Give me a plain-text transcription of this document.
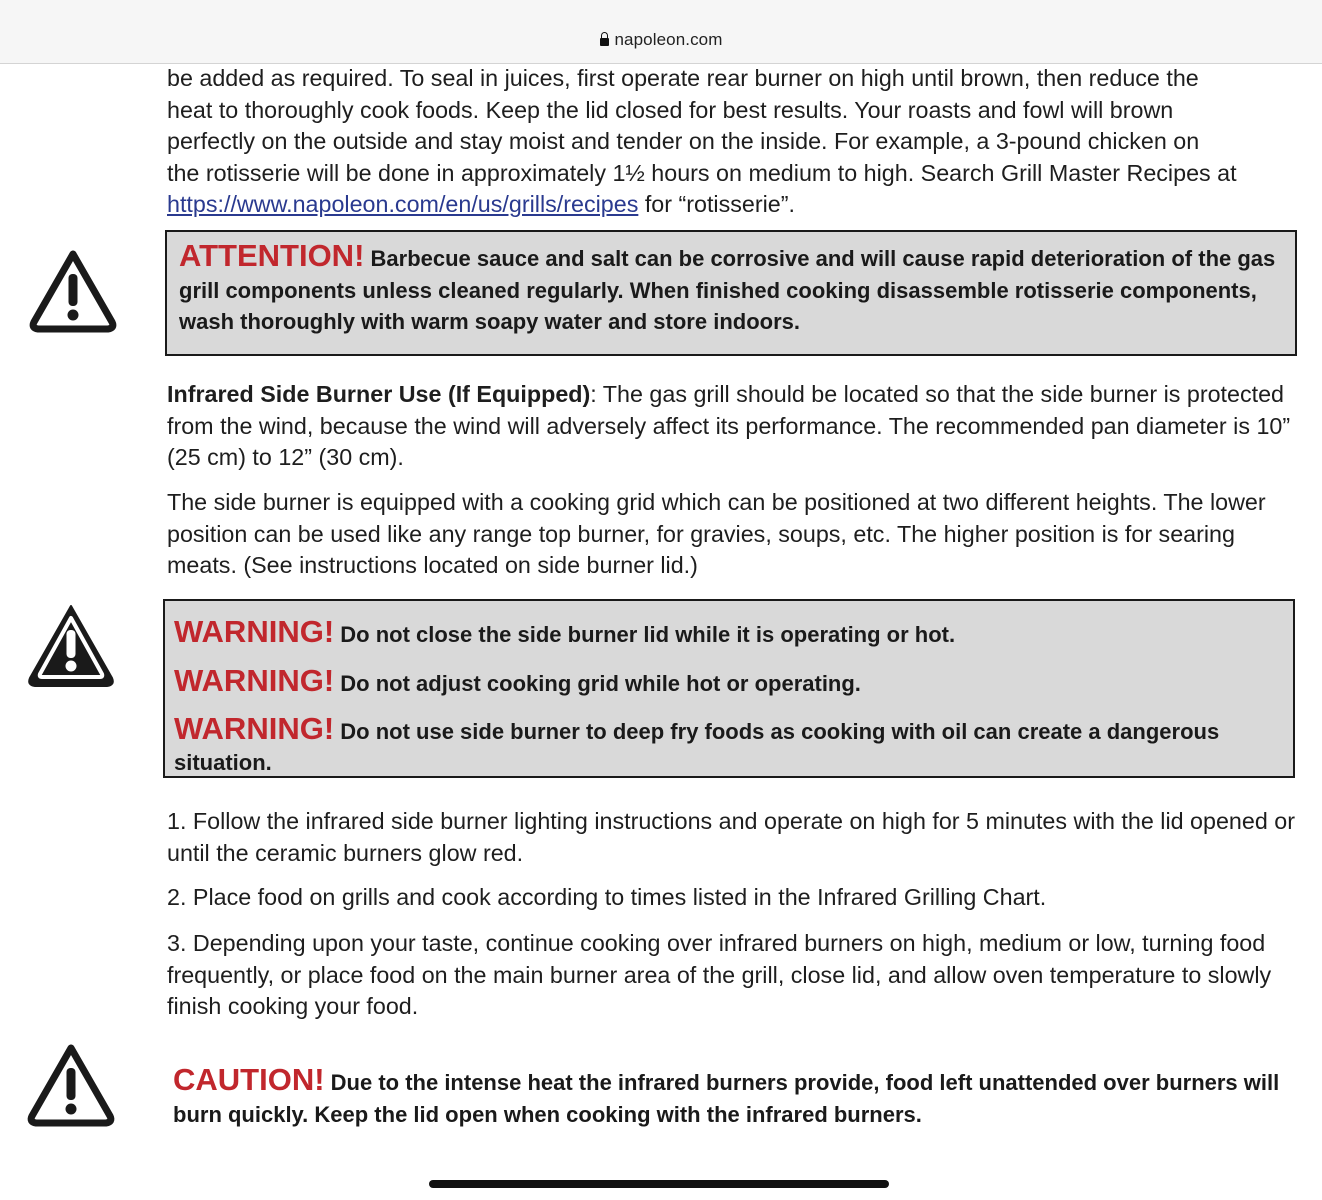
napoleon.com
be added as required. To seal in juices, first operate rear burner on high until brown, then reduce the
heat to thoroughly cook foods. Keep the lid closed for best results. Your roasts and fowl will brown
perfectly on the outside and stay moist and tender on the inside. For example, a 3-pound chicken on
the rotisserie will be done in approximately 1½ hours on medium to high. Search Grill Master Recipes at
https://www.napoleon.com/en/us/grills/recipes for “rotisserie”.
ATTENTION! Barbecue sauce and salt can be corrosive and will cause rapid deterioration of the gas grill components unless cleaned regularly. When finished cooking disassemble rotisserie components, wash thoroughly with warm soapy water and store indoors.
Infrared Side Burner Use (If Equipped): The gas grill should be located so that the side burner is protected from the wind, because the wind will adversely affect its performance. The recommended pan diameter is 10” (25 cm) to 12” (30 cm).
The side burner is equipped with a cooking grid which can be positioned at two different heights. The lower position can be used like any range top burner, for gravies, soups, etc. The higher position is for searing meats. (See instructions located on side burner lid.)
WARNING! Do not close the side burner lid while it is operating or hot.
WARNING! Do not adjust cooking grid while hot or operating.
WARNING! Do not use side burner to deep fry foods as cooking with oil can create a dangerous situation.
1. Follow the infrared side burner lighting instructions and operate on high for 5 minutes with the lid opened or until the ceramic burners glow red.
2. Place food on grills and cook according to times listed in the Infrared Grilling Chart.
3. Depending upon your taste, continue cooking over infrared burners on high, medium or low, turning food frequently, or place food on the main burner area of the grill, close lid, and allow oven temperature to slowly finish cooking your food.
CAUTION! Due to the intense heat the infrared burners provide, food left unattended over burners will burn quickly. Keep the lid open when cooking with the infrared burners.
